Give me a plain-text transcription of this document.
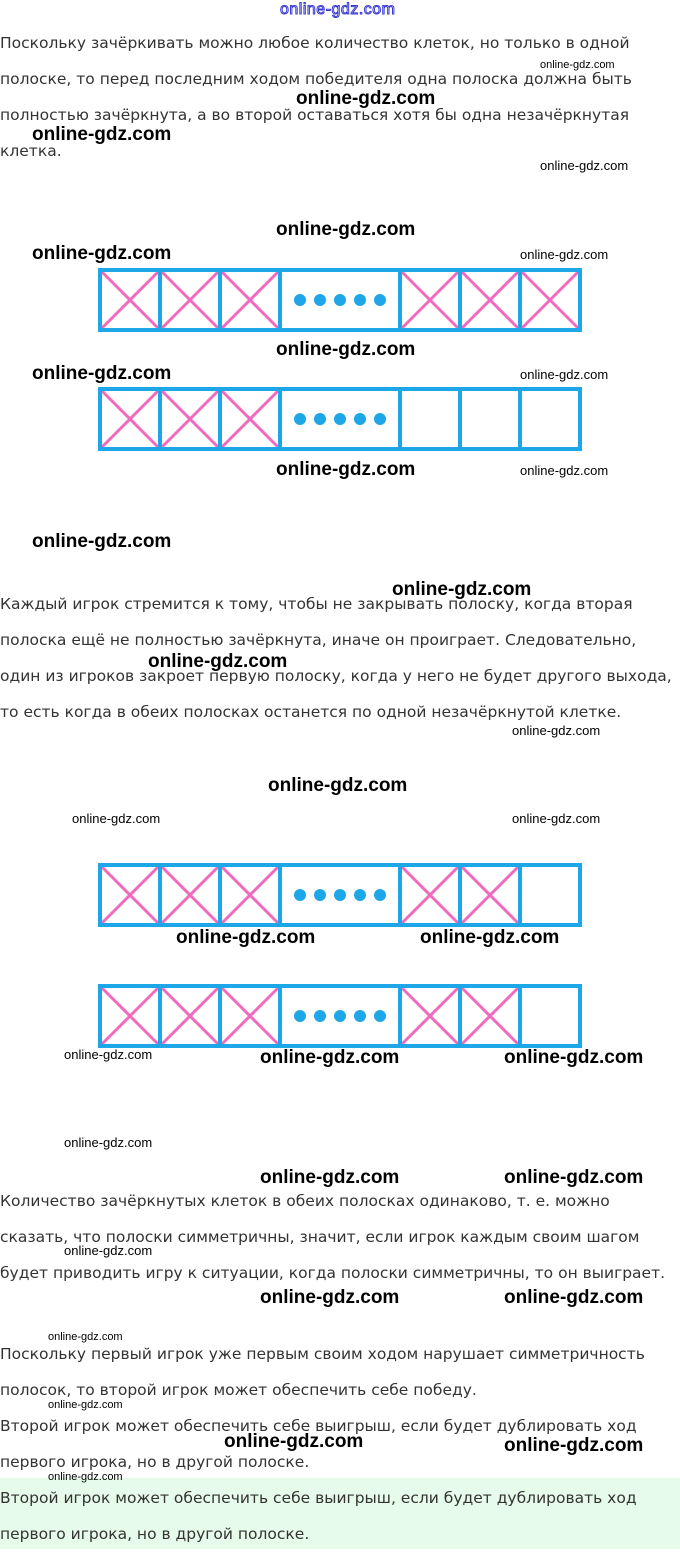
Поскольку зачёркивать можно любое количество клеток, но только в одной полоске, то перед последним ходом победителя одна полоска должна быть полностью зачёркнута, а во второй оставаться хотя бы одна незачёркнутая клетка.

Каждый игрок стремится к тому, чтобы не закрывать полоску, когда вторая полоска ещё не полностью зачёркнута, иначе он проиграет. Следовательно, один из игроков закроет первую полоску, когда у него не будет другого выхода, то есть когда в обеих полосках останется по одной незачёркнутой клетке.

Количество зачёркнутых клеток в обеих полосках одинаково, т. е. можно сказать, что полоски симметричны, значит, если игрок каждым своим шагом будет приводить игру к ситуации, когда полоски симметричны, то он выиграет.

Поскольку первый игрок уже первым своим ходом нарушает симметричность полосок, то второй игрок может обеспечить себе победу.

Второй игрок может обеспечить себе выигрыш, если будет дублировать ход первого игрока, но в другой полоске.

Второй игрок может обеспечить себе выигрыш, если будет дублировать ход первого игрока, но в другой полоске.

online-gdz.com
online-gdz.com
online-gdz.com
online-gdz.com
online-gdz.com
online-gdz.com
online-gdz.com	online-gdz.com
online-gdz.com
online-gdz.com	online-gdz.com
online-gdz.com	online-gdz.com
online-gdz.com
online-gdz.com
online-gdz.com
online-gdz.com
online-gdz.com
online-gdz.com	online-gdz.com
online-gdz.com	online-gdz.com
online-gdz.com	online-gdz.com	online-gdz.com
online-gdz.com
online-gdz.com	online-gdz.com
online-gdz.com
online-gdz.com	online-gdz.com
online-gdz.com
online-gdz.com
online-gdz.com	online-gdz.com
online-gdz.com
